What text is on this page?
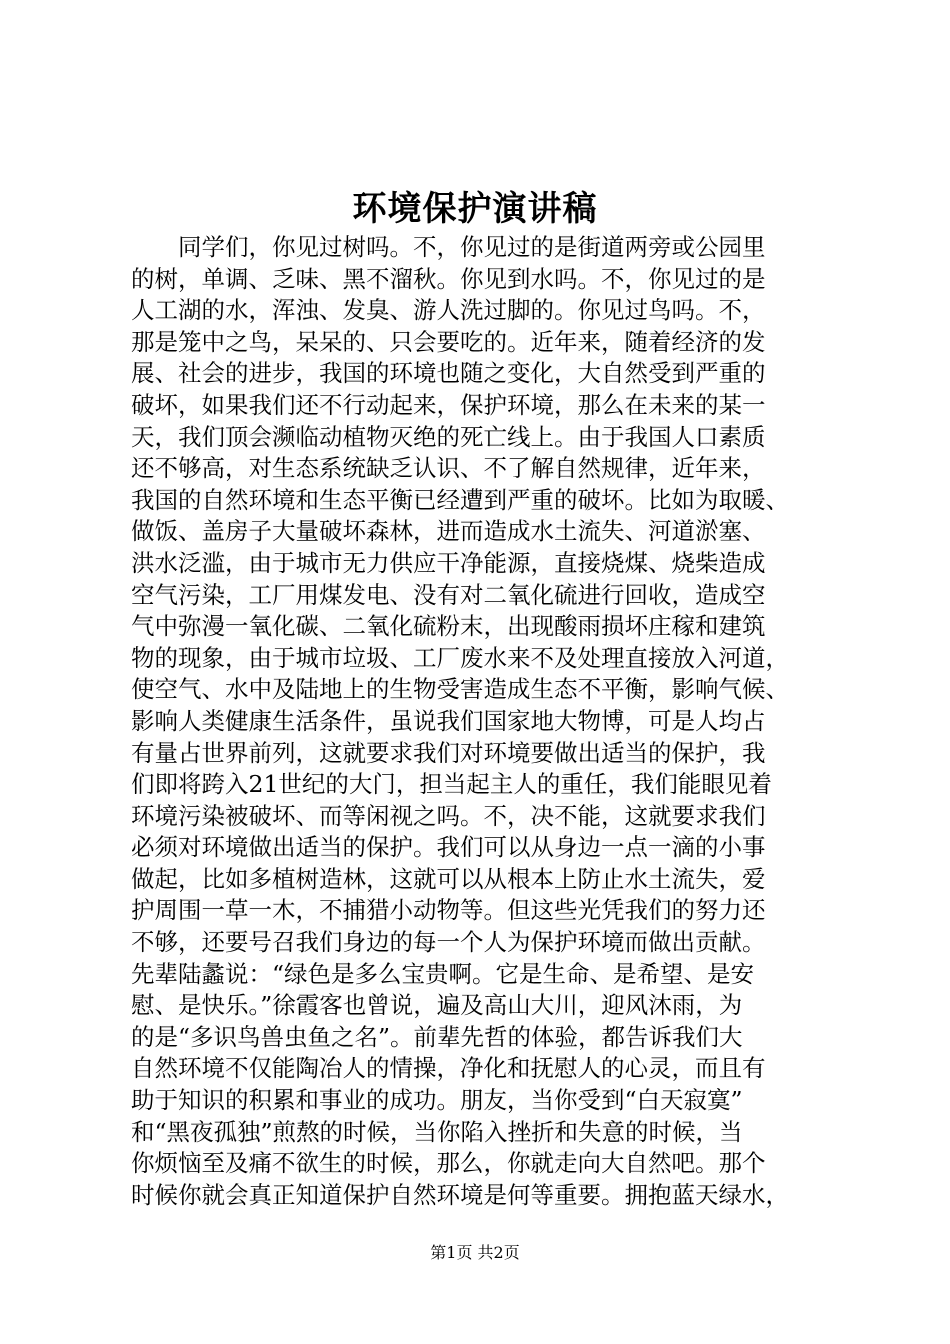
环境保护演讲稿
　　同学们，你见过树吗。不，你见过的是街道两旁或公园里
的树，单调、乏味、黑不溜秋。你见到水吗。不，你见过的是
人工湖的水，浑浊、发臭、游人洗过脚的。你见过鸟吗。不，
那是笼中之鸟，呆呆的、只会要吃的。近年来，随着经济的发
展、社会的进步，我国的环境也随之变化，大自然受到严重的
破坏，如果我们还不行动起来，保护环境，那么在未来的某一
天，我们顶会濒临动植物灭绝的死亡线上。由于我国人口素质
还不够高，对生态系统缺乏认识、不了解自然规律，近年来，
我国的自然环境和生态平衡已经遭到严重的破坏。比如为取暖、
做饭、盖房子大量破坏森林，进而造成水土流失、河道淤塞、
洪水泛滥，由于城市无力供应干净能源，直接烧煤、烧柴造成
空气污染，工厂用煤发电、没有对二氧化硫进行回收，造成空
气中弥漫一氧化碳、二氧化硫粉末，出现酸雨损坏庄稼和建筑
物的现象，由于城市垃圾、工厂废水来不及处理直接放入河道，
使空气、水中及陆地上的生物受害造成生态不平衡，影响气候、
影响人类健康生活条件，虽说我们国家地大物博，可是人均占
有量占世界前列，这就要求我们对环境要做出适当的保护，我
们即将跨入21世纪的大门，担当起主人的重任，我们能眼见着
环境污染被破坏、而等闲视之吗。不，决不能，这就要求我们
必须对环境做出适当的保护。我们可以从身边一点一滴的小事
做起，比如多植树造林，这就可以从根本上防止水土流失，爱
护周围一草一木，不捕猎小动物等。但这些光凭我们的努力还
不够，还要号召我们身边的每一个人为保护环境而做出贡献。
先辈陆蠡说：“绿色是多么宝贵啊。它是生命、是希望、是安
慰、是快乐。”徐霞客也曾说，遍及高山大川，迎风沐雨，为
的是“多识鸟兽虫鱼之名”。前辈先哲的体验，都告诉我们大
自然环境不仅能陶冶人的情操，净化和抚慰人的心灵，而且有
助于知识的积累和事业的成功。朋友，当你受到“白天寂寞”
和“黑夜孤独”煎熬的时候，当你陷入挫折和失意的时候，当
你烦恼至及痛不欲生的时候，那么，你就走向大自然吧。那个
时候你就会真正知道保护自然环境是何等重要。拥抱蓝天绿水，
第1页 共2页
